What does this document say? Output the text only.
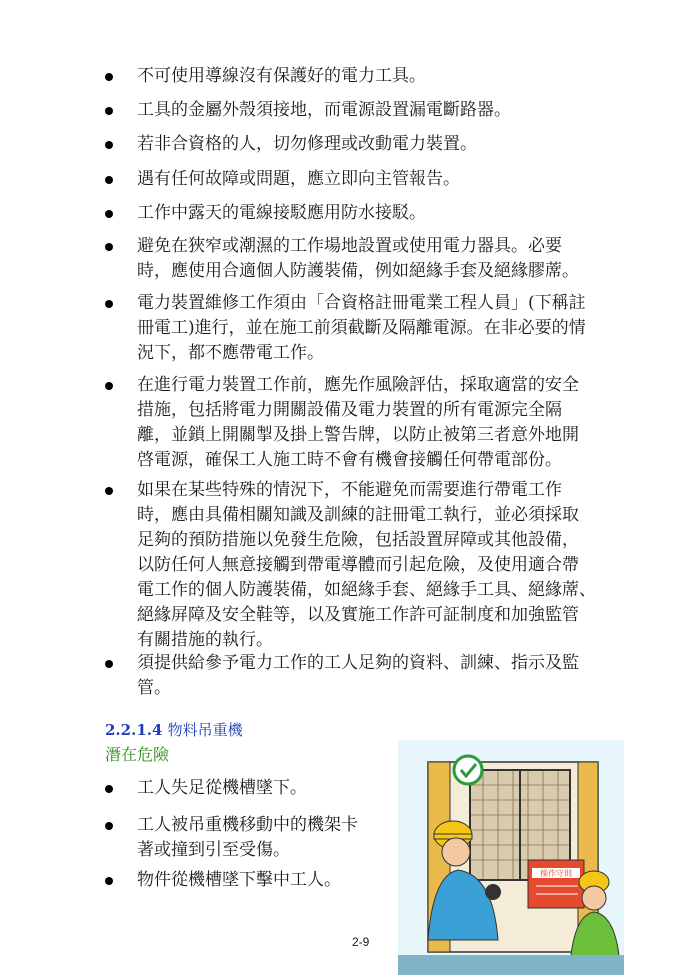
不可使用導線沒有保護好的電力工具。
工具的金屬外殼須接地，而電源設置漏電斷路器。
若非合資格的人，切勿修理或改動電力裝置。
遇有任何故障或問題，應立即向主管報告。
工作中露天的電線接駁應用防水接駁。
避免在狹窄或潮濕的工作場地設置或使用電力器具。必要
時，應使用合適個人防護裝備，例如絕緣手套及絕緣膠蓆。
電力裝置維修工作須由「合資格註冊電業工程人員」(下稱註
冊電工)進行，並在施工前須截斷及隔離電源。在非必要的情
況下，都不應帶電工作。
在進行電力裝置工作前，應先作風險評估，採取適當的安全
措施，包括將電力開關設備及電力裝置的所有電源完全隔
離，並鎖上開關掣及掛上警告牌，以防止被第三者意外地開
啓電源，確保工人施工時不會有機會接觸任何帶電部份。
如果在某些特殊的情況下，不能避免而需要進行帶電工作
時，應由具備相關知識及訓練的註冊電工執行，並必須採取
足夠的預防措施以免發生危險，包括設置屏障或其他設備，
以防任何人無意接觸到帶電導體而引起危險，及使用適合帶
電工作的個人防護裝備，如絕緣手套、絕緣手工具、絕緣蓆、
絕緣屏障及安全鞋等，以及實施工作許可証制度和加強監管
有關措施的執行。
須提供給參予電力工作的工人足夠的資料、訓練、指示及監
管。
2.2.1.4 物料吊重機
潛在危險
工人失足從機槽墜下。
工人被吊重機移動中的機架卡
著或撞到引至受傷。
物件從機槽墜下擊中工人。
2-9
操作守則
